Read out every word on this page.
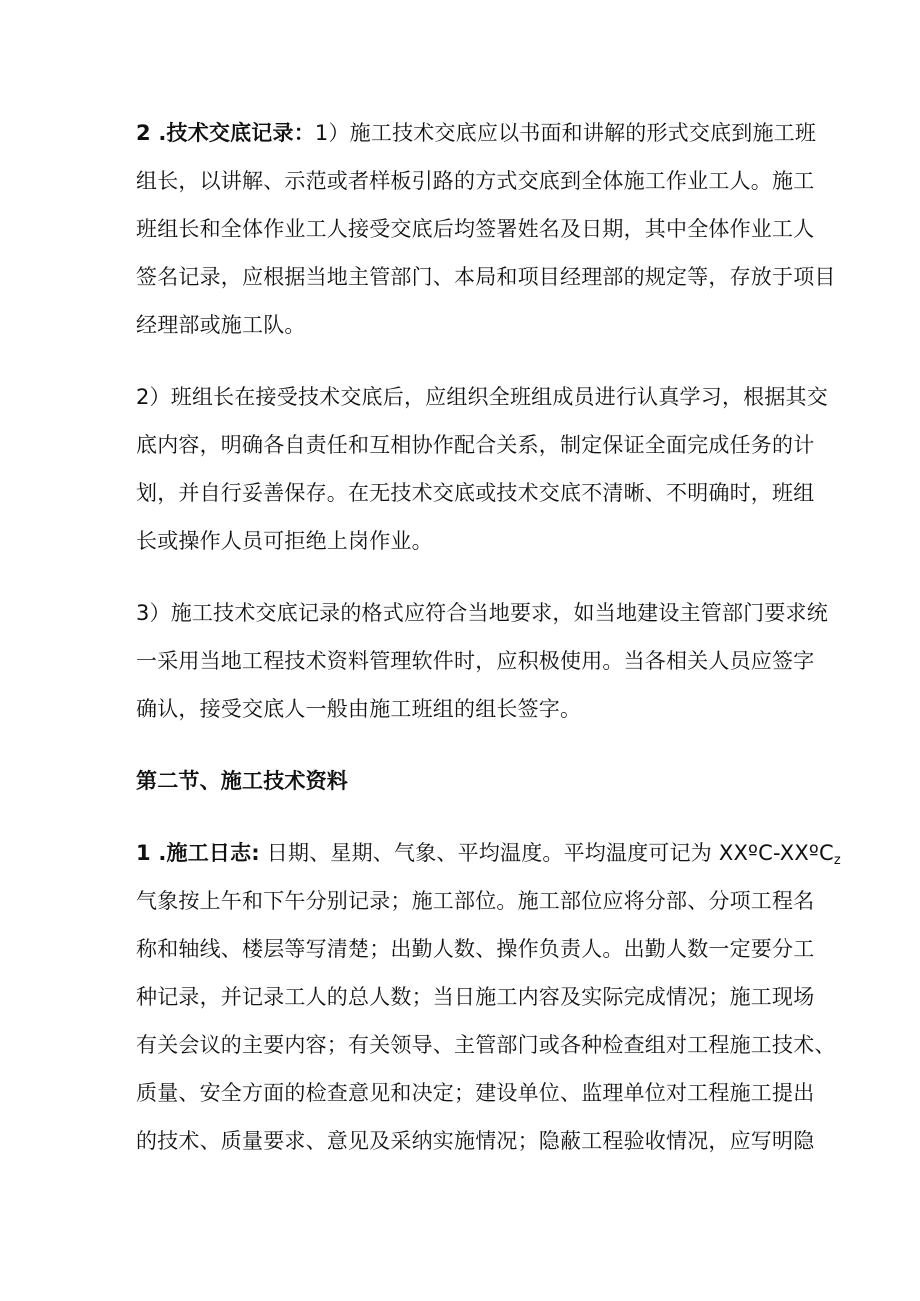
2 .技术交底记录：1）施工技术交底应以书面和讲解的形式交底到施工班
组长，以讲解、示范或者样板引路的方式交底到全体施工作业工人。施工
班组长和全体作业工人接受交底后均签署姓名及日期，其中全体作业工人
签名记录，应根据当地主管部门、本局和项目经理部的规定等，存放于项目
经理部或施工队。
2）班组长在接受技术交底后，应组织全班组成员进行认真学习，根据其交
底内容，明确各自责任和互相协作配合关系，制定保证全面完成任务的计
划，并自行妥善保存。在无技术交底或技术交底不清晰、不明确时，班组
长或操作人员可拒绝上岗作业。
3）施工技术交底记录的格式应符合当地要求，如当地建设主管部门要求统
一采用当地工程技术资料管理软件时，应积极使用。当各相关人员应签字
确认，接受交底人一般由施工班组的组长签字。
第二节、施工技术资料
1 .施工日志: 日期、星期、气象、平均温度。平均温度可记为 XXºC-XXºC$_z$
气象按上午和下午分别记录；施工部位。施工部位应将分部、分项工程名
称和轴线、楼层等写清楚；出勤人数、操作负责人。出勤人数一定要分工
种记录，并记录工人的总人数；当日施工内容及实际完成情况；施工现场
有关会议的主要内容；有关领导、主管部门或各种检查组对工程施工技术、
质量、安全方面的检查意见和决定；建设单位、监理单位对工程施工提出
的技术、质量要求、意见及采纳实施情况；隐蔽工程验收情况，应写明隐
